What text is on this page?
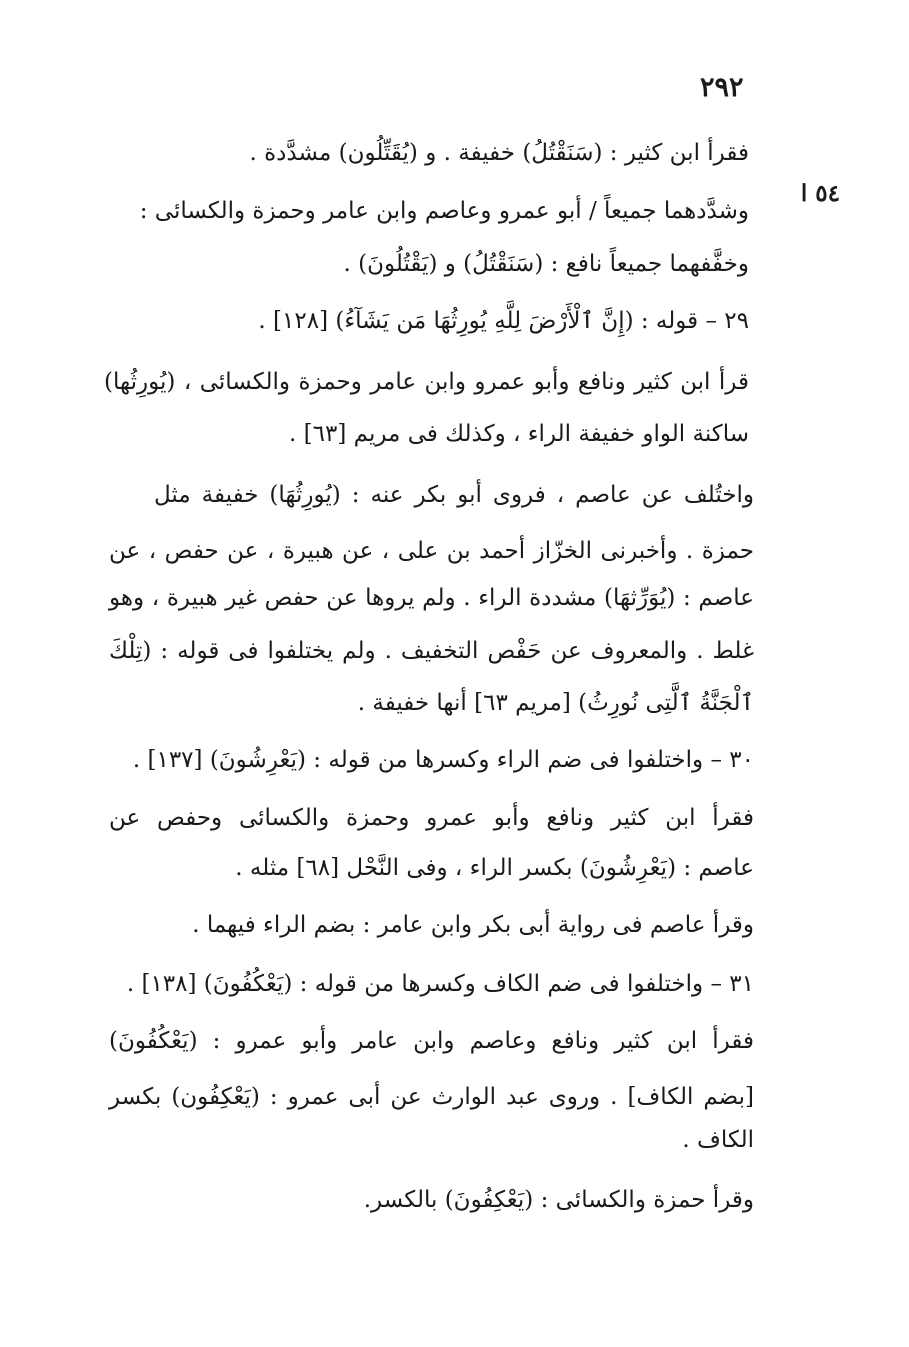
٢٩٢
٥٤ ا
فقرأ ابن كثير : (سَنَقْتُلُ) خفيفة . و (يُقَتِّلُون) مشدَّدة .
وشدَّدهما جميعاً / أبو عمرو وعاصم وابن عامر وحمزة والكسائى :
وخفَّفهما جميعاً نافع : (سَنَقْتُلُ) و (يَقْتُلُونَ) .
٢٩ – قوله : (إِنَّ ٱلْأَرْضَ لِلَّهِ يُورِثُهَا مَن يَشَآءُ) [١٢٨] .
قرأ ابن كثير ونافع وأبو عمرو وابن عامر وحمزة والكسائى ، (يُورِثُها)
ساكنة الواو خفيفة الراء ، وكذلك فى مريم [٦٣] .
واختُلف عن عاصم ، فروى أبو بكر عنه : (يُورِثُهَا) خفيفة مثل
حمزة . وأخبرنى الخزّاز أحمد بن على ، عن هبيرة ، عن حفص ، عن
عاصم : (يُوَرِّثهَا) مشددة الراء . ولم يروها عن حفص غير هبيرة ، وهو
غلط . والمعروف عن حَفْص التخفيف . ولم يختلفوا فى قوله : (تِلْكَ
ٱلْجَنَّةُ ٱلَّتِى نُورِثُ) [مريم ٦٣] أنها خفيفة .
٣٠ – واختلفوا فى ضم الراء وكسرها من قوله : (يَعْرِشُونَ) [١٣٧] .
فقرأ ابن كثير ونافع وأبو عمرو وحمزة والكسائى وحفص عن
عاصم : (يَعْرِشُونَ) بكسر الراء ، وفى النَّحْل [٦٨] مثله .
وقرأ عاصم فى رواية أبى بكر وابن عامر : بضم الراء فيهما .
٣١ – واختلفوا فى ضم الكاف وكسرها من قوله : (يَعْكُفُونَ) [١٣٨] .
فقرأ ابن كثير ونافع وعاصم وابن عامر وأبو عمرو : (يَعْكُفُونَ)
[بضم الكاف] . وروى عبد الوارث عن أبى عمرو : (يَعْكِفُون) بكسر
الكاف .
وقرأ حمزة والكسائى : (يَعْكِفُونَ) بالكسر.
